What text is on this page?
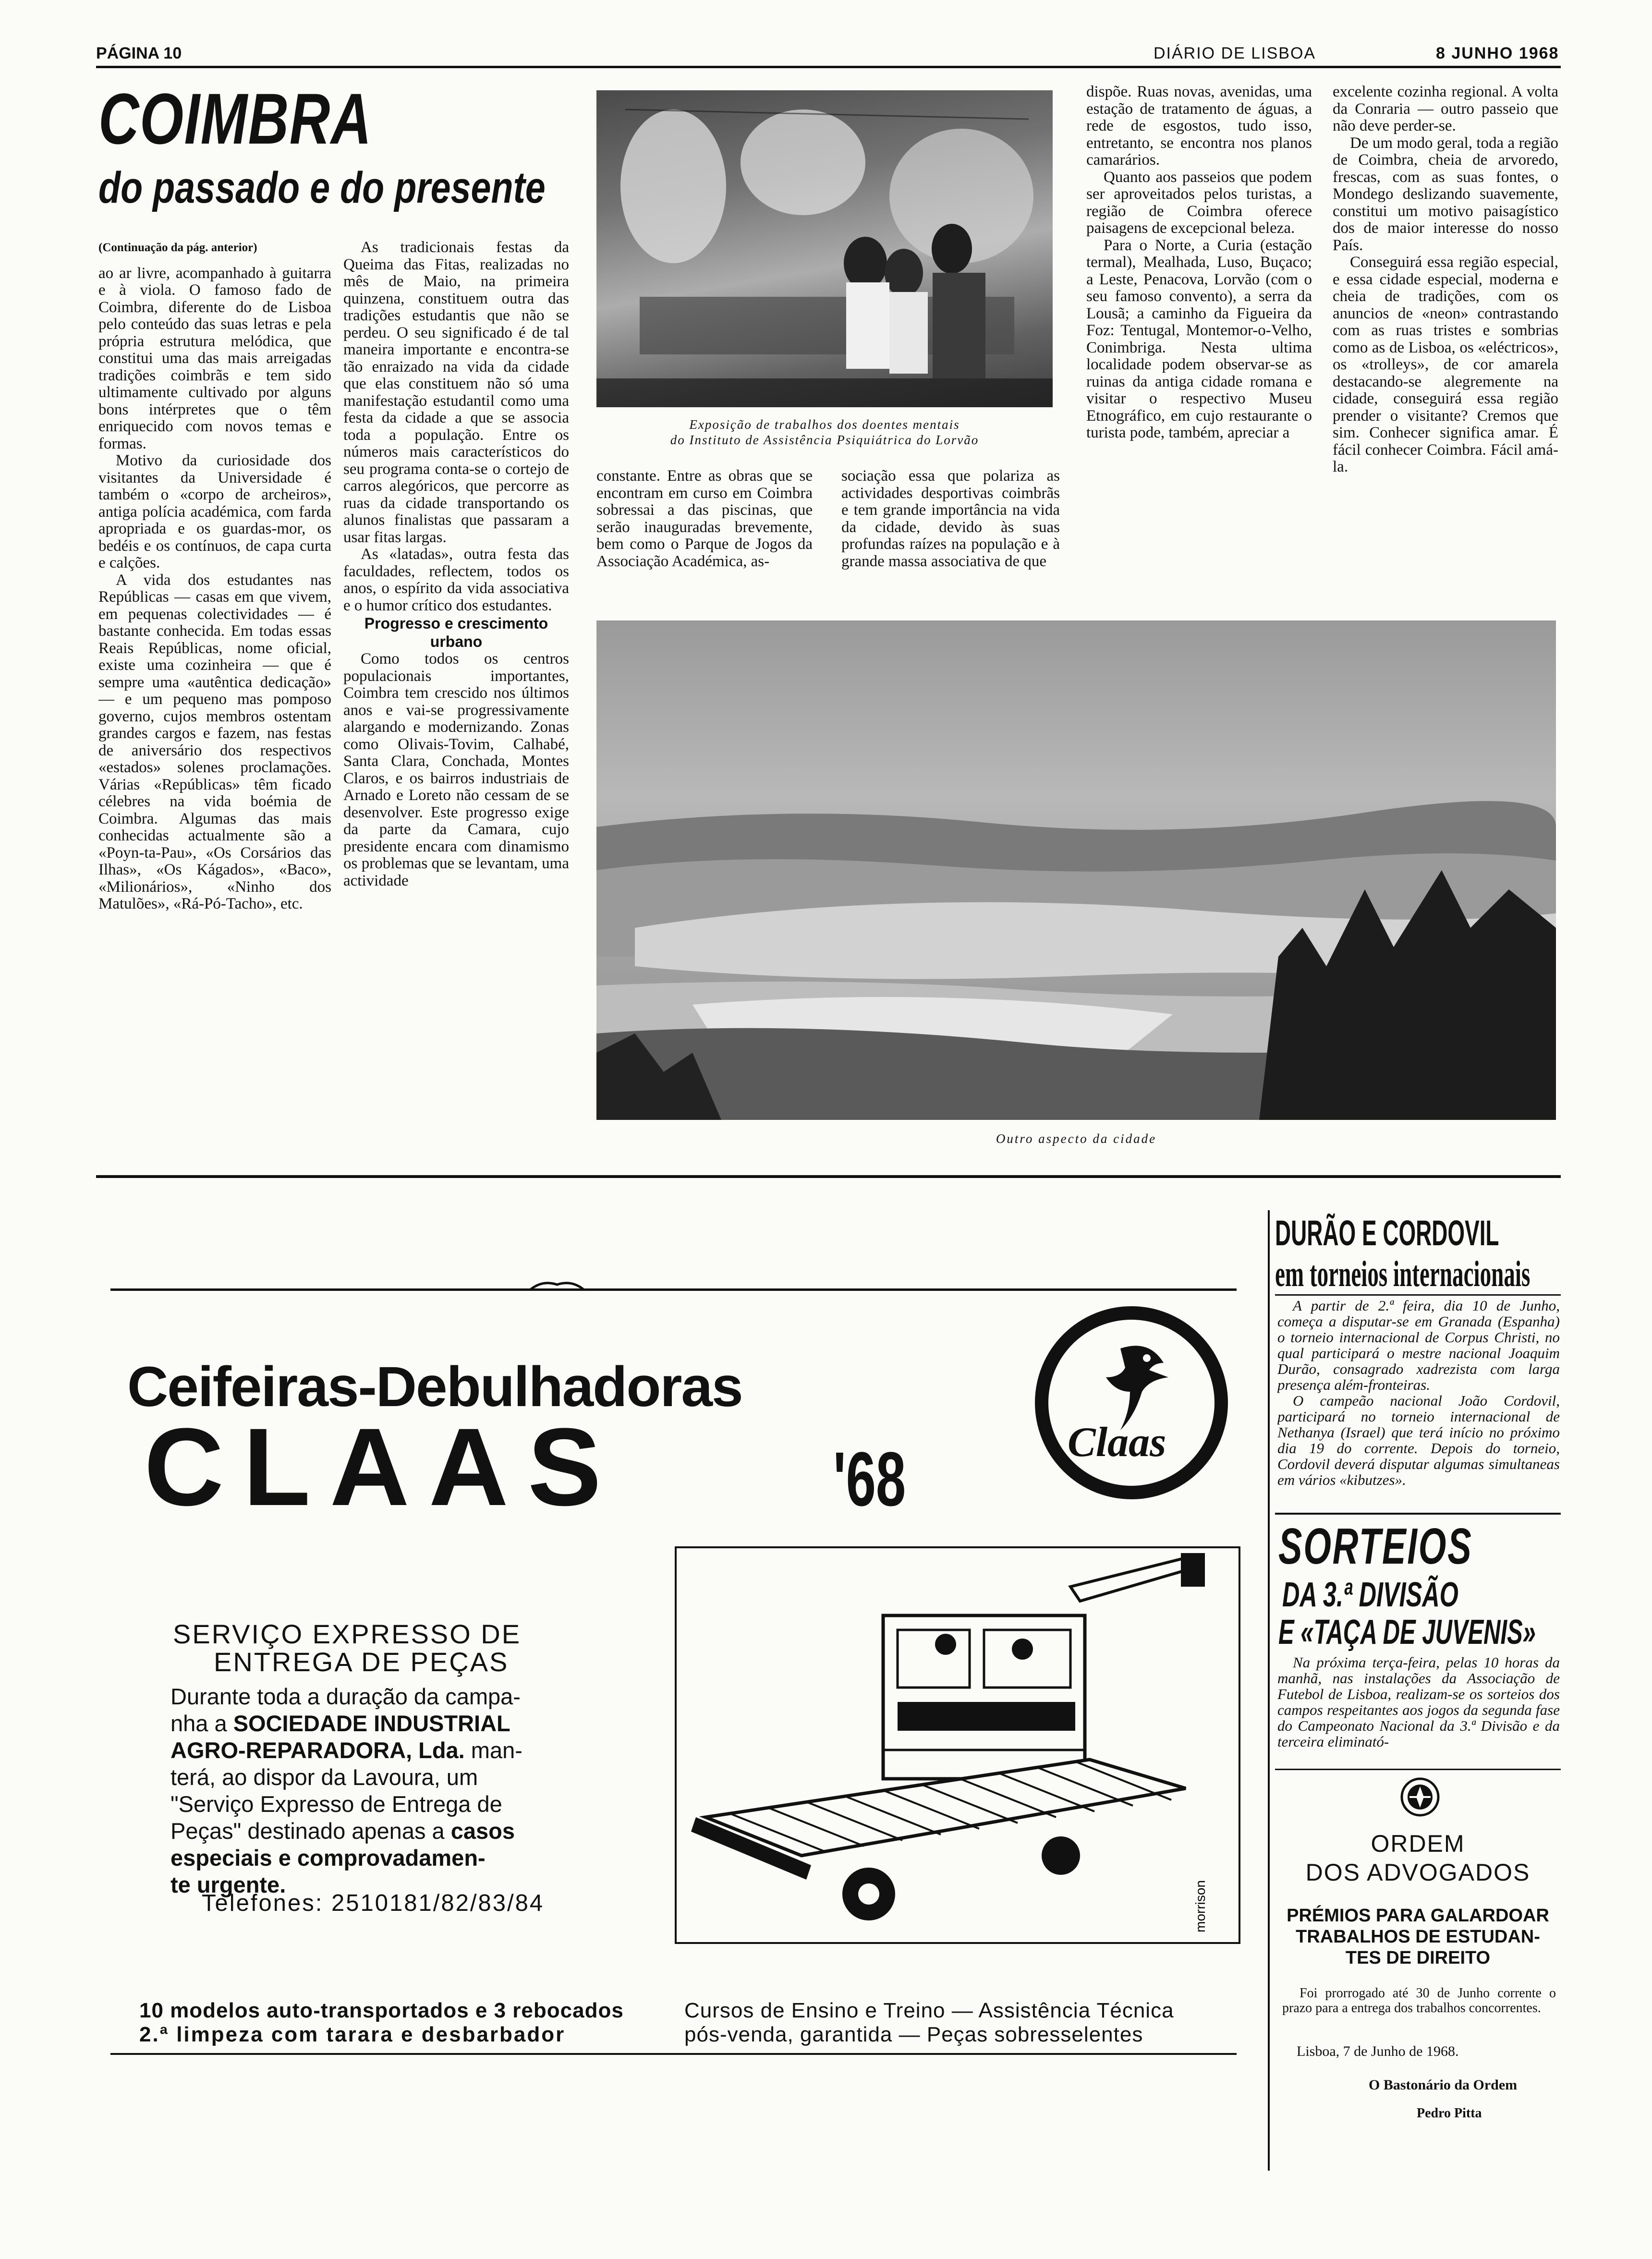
PÁGINA 10	DIÁRIO DE LISBOA	8 JUNHO 1968
COIMBRA
do passado e do presente

(Continuação da pág. anterior)

ao ar livre, acompanhado à guitarra e à viola. O famoso fado de Coimbra, diferente do de Lisboa pelo conteúdo das suas letras e pela própria estrutura melódica, que constitui uma das mais arreigadas tradições coimbrãs e tem sido ultimamente cultivado por alguns bons intérpretes que o têm enriquecido com novos temas e formas.

Motivo da curiosidade dos visitantes da Universidade é também o «corpo de archeiros», antiga polícia académica, com farda apropriada e os guardas-mor, os bedéis e os contínuos, de capa curta e calções.

A vida dos estudantes nas Repúblicas — casas em que vivem, em pequenas colectividades — é bastante conhecida. Em todas essas Reais Repúblicas, nome oficial, existe uma cozinheira — que é sempre uma «autêntica dedicação» — e um pequeno mas pomposo governo, cujos membros ostentam grandes cargos e fazem, nas festas de aniversário dos respectivos «estados» solenes proclamações. Várias «Repúblicas» têm ficado célebres na vida boémia de Coimbra. Algumas das mais conhecidas actualmente são a «Poyn-ta-Pau», «Os Corsários das Ilhas», «Os Kágados», «Baco», «Milionários», «Ninho dos Matulões», «Rá-Pó-Tacho», etc.

As tradicionais festas da Queima das Fitas, realizadas no mês de Maio, na primeira quinzena, constituem outra das tradições estudantis que não se perdeu. O seu significado é de tal maneira importante e encontra-se tão enraizado na vida da cidade que elas constituem não só uma manifestação estudantil como uma festa da cidade a que se associa toda a população. Entre os números mais característicos do seu programa conta-se o cortejo de carros alegóricos, que percorre as ruas da cidade transportando os alunos finalistas que passaram a usar fitas largas.

As «latadas», outra festa das faculdades, reflectem, todos os anos, o espírito da vida associativa e o humor crítico dos estudantes.

Progresso e crescimento urbano

Como todos os centros populacionais importantes, Coimbra tem crescido nos últimos anos e vai-se progressivamente alargando e modernizando. Zonas como Olivais-Tovim, Calhabé, Santa Clara, Conchada, Montes Claros, e os bairros industriais de Arnado e Loreto não cessam de se desenvolver. Este progresso exige da parte da Camara, cujo presidente encara com dinamismo os problemas que se levantam, uma actividade

Exposição de trabalhos dos doentes mentais
do Instituto de Assistência Psiquiátrica do Lorvão

constante. Entre as obras que se encontram em curso em Coimbra sobressai a das piscinas, que serão inauguradas brevemente, bem como o Parque de Jogos da Associação Académica, as-

sociação essa que polariza as actividades desportivas coimbrãs e tem grande importância na vida da cidade, devido às suas profundas raízes na população e à grande massa associativa de que

dispõe. Ruas novas, avenidas, uma estação de tratamento de águas, a rede de esgostos, tudo isso, entretanto, se encontra nos planos camarários.

Quanto aos passeios que podem ser aproveitados pelos turistas, a região de Coimbra oferece paisagens de excepcional beleza.

Para o Norte, a Curia (estação termal), Mealhada, Luso, Buçaco; a Leste, Penacova, Lorvão (com o seu famoso convento), a serra da Lousã; a caminho da Figueira da Foz: Tentugal, Montemor-o-Velho, Conimbriga. Nesta ultima localidade podem observar-se as ruinas da antiga cidade romana e visitar o respectivo Museu Etnográfico, em cujo restaurante o turista pode, também, apreciar a

excelente cozinha regional. A volta da Conraria — outro passeio que não deve perder-se.

De um modo geral, toda a região de Coimbra, cheia de arvoredo, frescas, com as suas fontes, o Mondego deslizando suavemente, constitui um motivo paisagístico dos de maior interesse do nosso País.

Conseguirá essa região especial, e essa cidade especial, moderna e cheia de tradições, com os anuncios de «neon» contrastando com as ruas tristes e sombrias como as de Lisboa, os «eléctricos», os «trolleys», de cor amarela destacando-se alegremente na cidade, conseguirá essa região prender o visitante? Cremos que sim. Conhecer significa amar. É fácil conhecer Coimbra. Fácil amá-la.

Outro aspecto da cidade
Ceifeiras-Debulhadoras
CLAAS	'68	Claas
SERVIÇO EXPRESSO DE
ENTREGA DE PEÇAS
Durante toda a duração da campa-
nha a SOCIEDADE INDUSTRIAL
AGRO-REPARADORA, Lda. man-
terá, ao dispor da Lavoura, um
"Serviço Expresso de Entrega de
Peças" destinado apenas a casos
especiais e comprovadamen-
te urgente.
Telefones: 2510181/82/83/84	morrison
CLAAS
10 modelos auto-transportados e 3 rebocados
2.ª limpeza com tarara e desbarbador
Cursos de Ensino e Treino — Assistência Técnica
pós-venda, garantida — Peças sobresselentes
DURÃO E CORDOVIL
em torneios internacionais

A partir de 2.ª feira, dia 10 de Junho, começa a disputar-se em Granada (Espanha) o torneio internacional de Corpus Christi, no qual participará o mestre nacional Joaquim Durão, consagrado xadrezista com larga presença além-fronteiras.

O campeão nacional João Cordovil, participará no torneio internacional de Nethanya (Israel) que terá início no próximo dia 19 do corrente. Depois do torneio, Cordovil deverá disputar algumas simultaneas em vários «kibutzes».

SORTEIOS
DA 3.ª DIVISÃO
E «TAÇA DE JUVENIS»

Na próxima terça-feira, pelas 10 horas da manhã, nas instalações da Associação de Futebol de Lisboa, realizam-se os sorteios dos campos respeitantes aos jogos da segunda fase do Campeonato Nacional da 3.ª Divisão e da terceira eliminató-

ORDEM
DOS ADVOGADOS
PRÉMIOS PARA GALARDOAR
TRABALHOS DE ESTUDAN-
TES DE DIREITO
Foi prorrogado até 30 de Junho corrente o prazo para a entrega dos trabalhos concorrentes.
Lisboa, 7 de Junho de 1968.
O Bastonário da Ordem
Pedro Pitta
